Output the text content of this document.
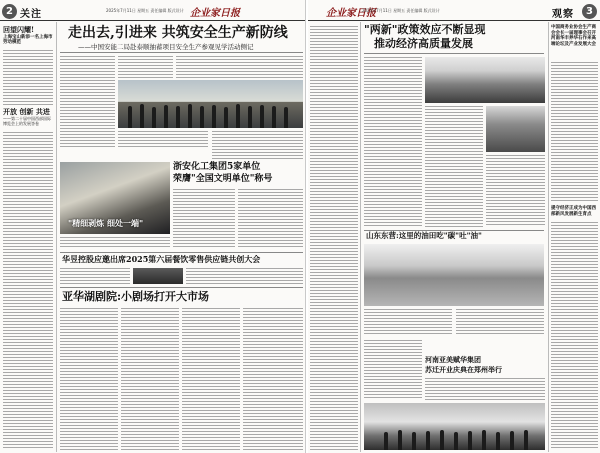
2 关注	企业家日报
2025年7月11日 星期五 责任编辑 版式设计
回望闪耀!
上海宝山新添一名上海市劳动模范
开放 创新 共进
——第二十届中国西部国际博览会上的发展答卷
走出去,引进来 共筑安全生产新防线
——中国安能二局赴泰顺抽蓄项目安全生产参观见学活动侧记
"精细剥炼 细处一端"
浙安化工集团5家单位
荣膺"全国文明单位"称号
华昱控股应邀出席2025第六届餐饮零售供应链共创大会
亚华湖剧院:小剧场打开大市场
企业家日报
2025年7月11日 星期五 责任编辑 版式设计	观察	3
"两新"政策效应不断显现
推动经济高质量发展
中国商务业协会生产商会会长一届理事会召开河南华丰养华石作来高端论坛及产业发展大会
提守经济正成为中国西部新风发展新生育点
山东东营:这里的油田吃"碳"吐"油"
河南亚美赋华集团
苏迁开业庆典在郑州举行
